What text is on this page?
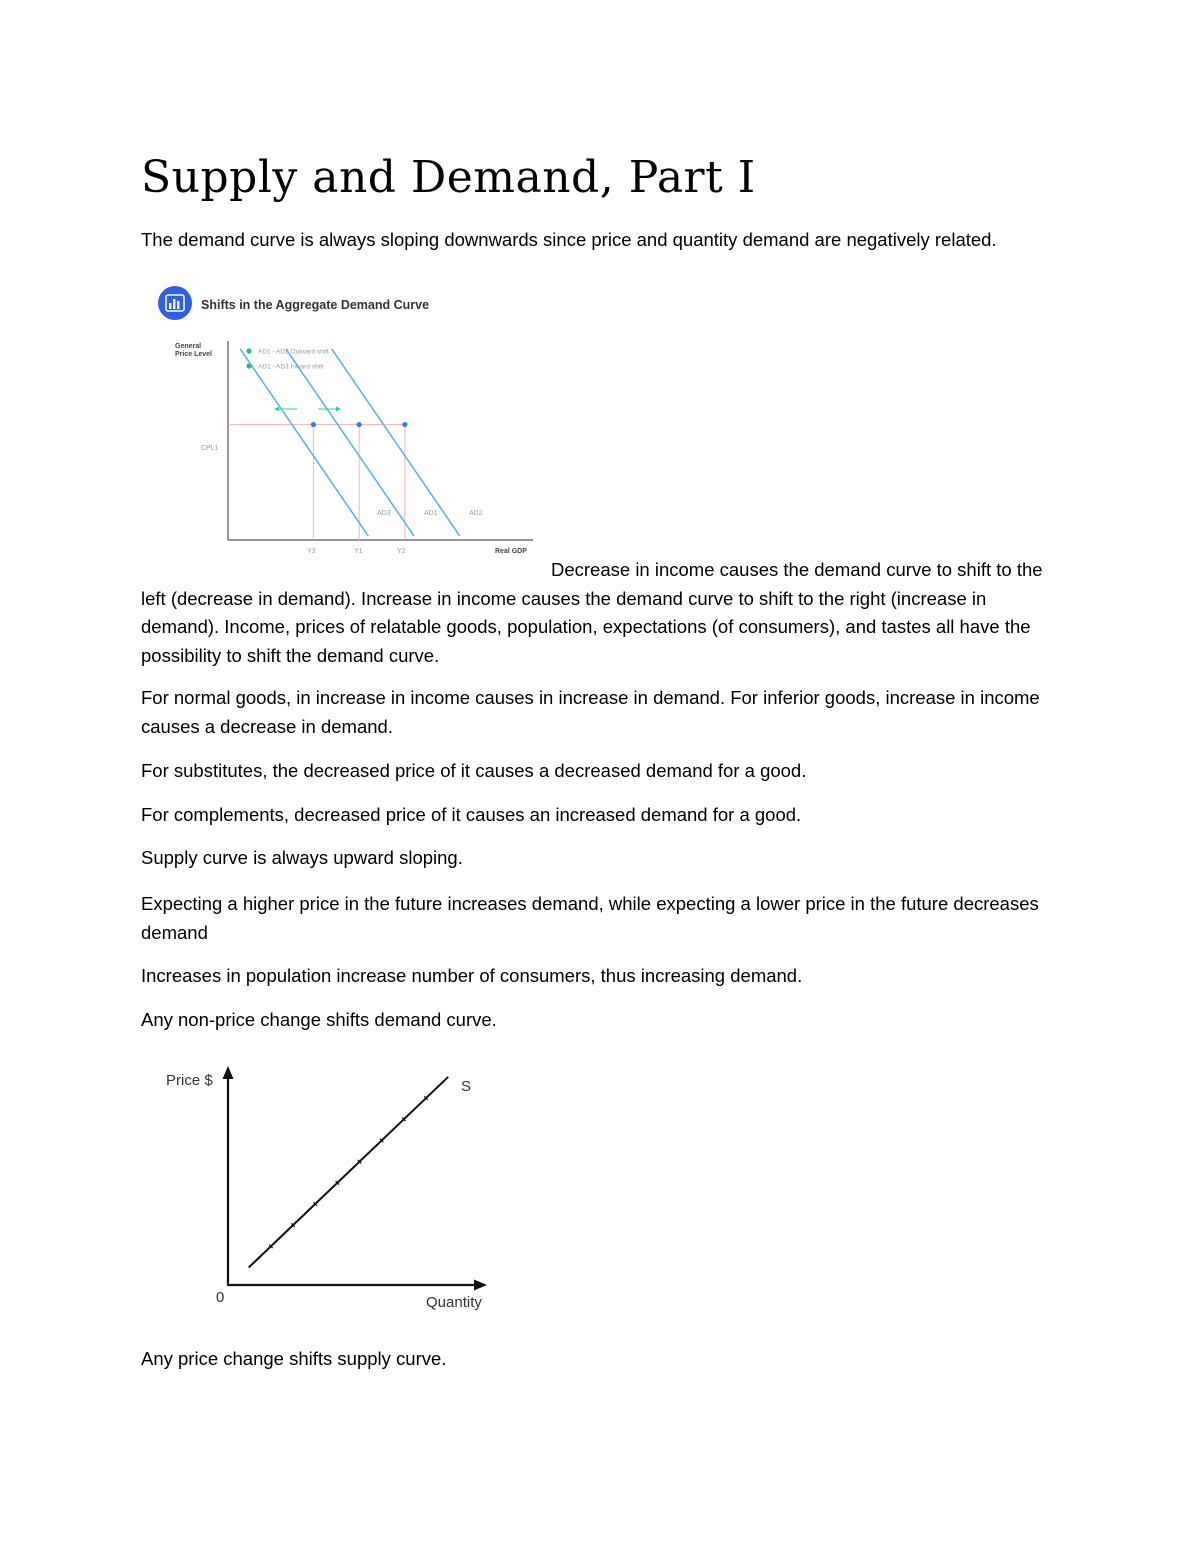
Supply and Demand, Part I

The demand curve is always sloping downwards since price and quantity demand are negatively related.

Shifts in the Aggregate Demand Curve
General
Price Level	AD1 - AD2 Outward shift
AD1 - AD3 Inward shift
CPL1
AD3	AD1	AD2
Y3	Y1	Y2	Real GDP

Decrease in income causes the demand curve to shift to the left (decrease in demand). Increase in income causes the demand curve to shift to the right (increase in demand). Income, prices of relatable goods, population, expectations (of consumers), and tastes all have the possibility to shift the demand curve.

For normal goods, in increase in income causes in increase in demand. For inferior goods, increase in income causes a decrease in demand.

For substitutes, the decreased price of it causes a decreased demand for a good.

For complements, decreased price of it causes an increased demand for a good.

Supply curve is always upward sloping.

Expecting a higher price in the future increases demand, while expecting a lower price in the future decreases demand

Increases in population increase number of consumers, thus increasing demand.

Any non-price change shifts demand curve.

Price $
0	Quantity
S

Any price change shifts supply curve.
